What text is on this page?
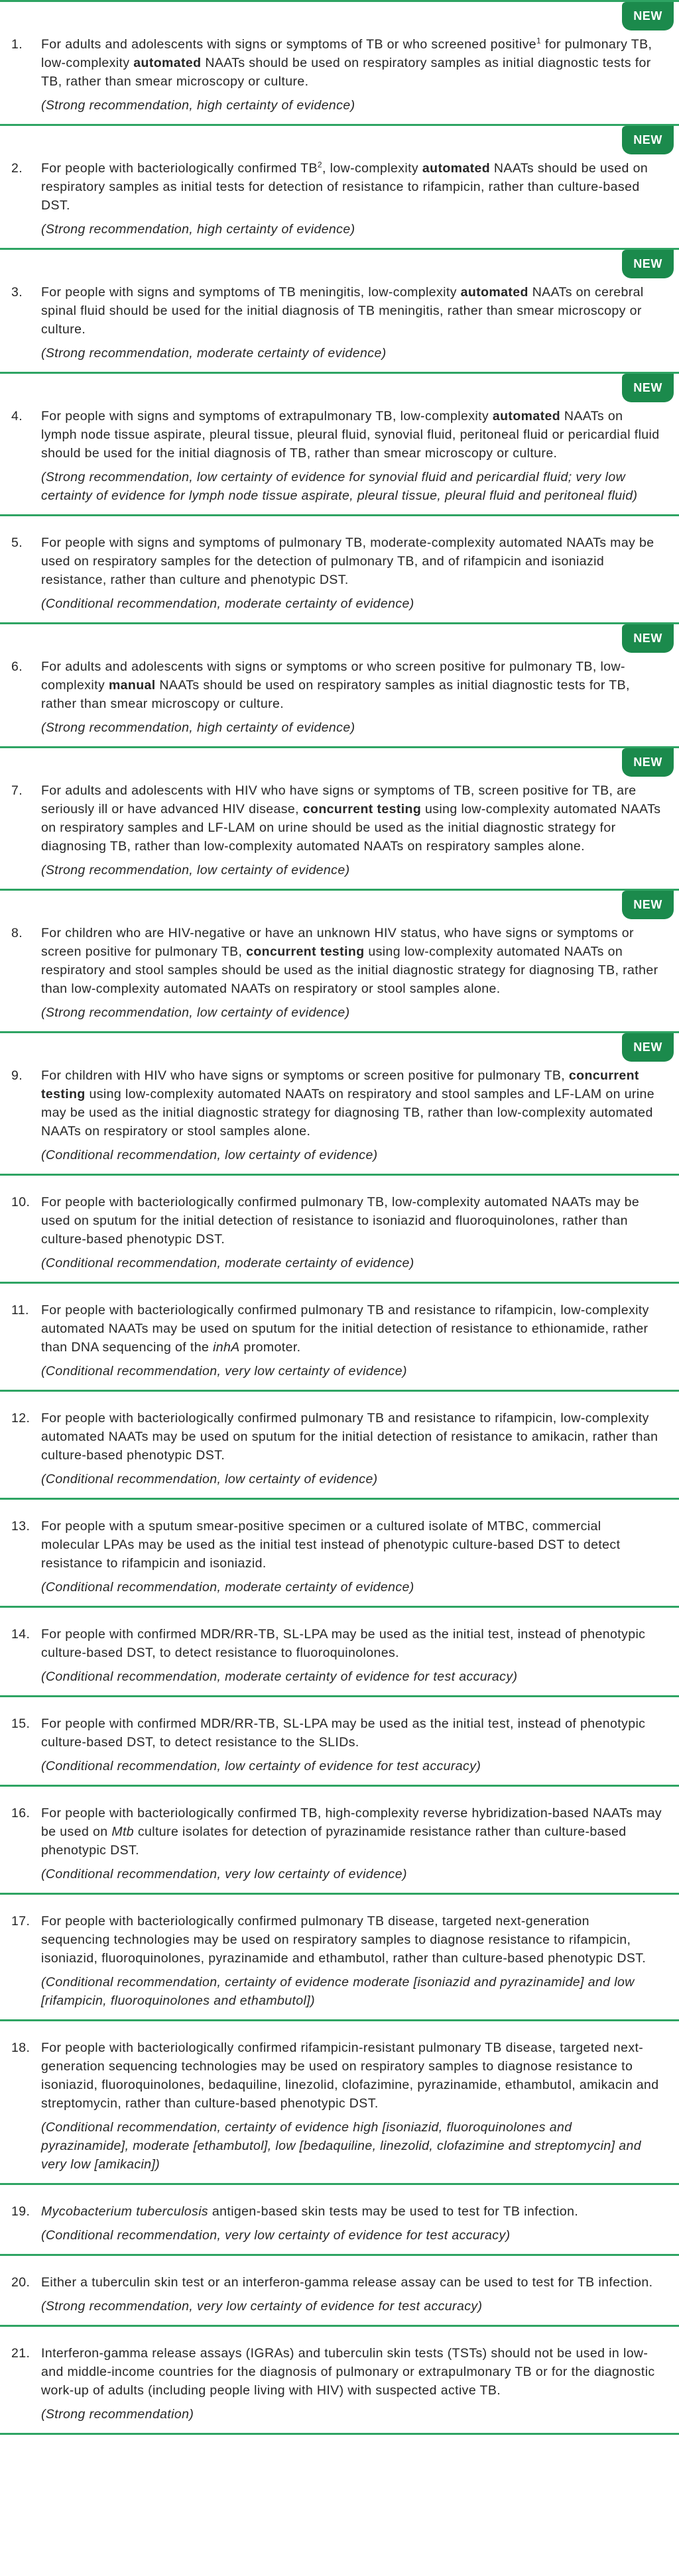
NEW
1.	For adults and adolescents with signs or symptoms of TB or who screened positive$^1$ for pulmonary TB, low-complexity automated NAATs should be used on respiratory samples as initial diagnostic tests for TB, rather than smear microscopy or culture.
(Strong recommendation, high certainty of evidence)
NEW
2.	For people with bacteriologically confirmed TB$^2$, low-complexity automated NAATs should be used on respiratory samples as initial tests for detection of resistance to rifampicin, rather than culture-based DST.
(Strong recommendation, high certainty of evidence)
NEW
3.	For people with signs and symptoms of TB meningitis, low-complexity automated NAATs on cerebral spinal fluid should be used for the initial diagnosis of TB meningitis, rather than smear microscopy or culture.
(Strong recommendation, moderate certainty of evidence)
NEW
4.	For people with signs and symptoms of extrapulmonary TB, low-complexity automated NAATs on lymph node tissue aspirate, pleural tissue, pleural fluid, synovial fluid, peritoneal fluid or pericardial fluid should be used for the initial diagnosis of TB, rather than smear microscopy or culture.
(Strong recommendation, low certainty of evidence for synovial fluid and pericardial fluid; very low certainty of evidence for lymph node tissue aspirate, pleural tissue, pleural fluid and peritoneal fluid)
5.	For people with signs and symptoms of pulmonary TB, moderate-complexity automated NAATs may be used on respiratory samples for the detection of pulmonary TB, and of rifampicin and isoniazid resistance, rather than culture and phenotypic DST.
(Conditional recommendation, moderate certainty of evidence)
NEW
6.	For adults and adolescents with signs or symptoms or who screen positive for pulmonary TB, low-complexity manual NAATs should be used on respiratory samples as initial diagnostic tests for TB, rather than smear microscopy or culture.
(Strong recommendation, high certainty of evidence)
NEW
7.	For adults and adolescents with HIV who have signs or symptoms of TB, screen positive for TB, are seriously ill or have advanced HIV disease, concurrent testing using low-complexity automated NAATs on respiratory samples and LF-LAM on urine should be used as the initial diagnostic strategy for diagnosing TB, rather than low-complexity automated NAATs on respiratory samples alone.
(Strong recommendation, low certainty of evidence)
NEW
8.	For children who are HIV-negative or have an unknown HIV status, who have signs or symptoms or screen positive for pulmonary TB, concurrent testing using low-complexity automated NAATs on respiratory and stool samples should be used as the initial diagnostic strategy for diagnosing TB, rather than low-complexity automated NAATs on respiratory or stool samples alone.
(Strong recommendation, low certainty of evidence)
NEW
9.	For children with HIV who have signs or symptoms or screen positive for pulmonary TB, concurrent testing using low-complexity automated NAATs on respiratory and stool samples and LF-LAM on urine may be used as the initial diagnostic strategy for diagnosing TB, rather than low-complexity automated NAATs on respiratory or stool samples alone.
(Conditional recommendation, low certainty of evidence)
10. For people with bacteriologically confirmed pulmonary TB, low-complexity automated NAATs may be used on sputum for the initial detection of resistance to isoniazid and fluoroquinolones, rather than culture-based phenotypic DST.
(Conditional recommendation, moderate certainty of evidence)
11. For people with bacteriologically confirmed pulmonary TB and resistance to rifampicin, low-complexity automated NAATs may be used on sputum for the initial detection of resistance to ethionamide, rather than DNA sequencing of the inhA promoter.
(Conditional recommendation, very low certainty of evidence)
12. For people with bacteriologically confirmed pulmonary TB and resistance to rifampicin, low-complexity automated NAATs may be used on sputum for the initial detection of resistance to amikacin, rather than culture-based phenotypic DST.
(Conditional recommendation, low certainty of evidence)
13. For people with a sputum smear-positive specimen or a cultured isolate of MTBC, commercial molecular LPAs may be used as the initial test instead of phenotypic culture-based DST to detect resistance to rifampicin and isoniazid.
(Conditional recommendation, moderate certainty of evidence)
14. For people with confirmed MDR/RR-TB, SL-LPA may be used as the initial test, instead of phenotypic culture-based DST, to detect resistance to fluoroquinolones.
(Conditional recommendation, moderate certainty of evidence for test accuracy)
15. For people with confirmed MDR/RR-TB, SL-LPA may be used as the initial test, instead of phenotypic culture-based DST, to detect resistance to the SLIDs.
(Conditional recommendation, low certainty of evidence for test accuracy)
16. For people with bacteriologically confirmed TB, high-complexity reverse hybridization-based NAATs may be used on Mtb culture isolates for detection of pyrazinamide resistance rather than culture-based phenotypic DST.
(Conditional recommendation, very low certainty of evidence)
17. For people with bacteriologically confirmed pulmonary TB disease, targeted next-generation sequencing technologies may be used on respiratory samples to diagnose resistance to rifampicin, isoniazid, fluoroquinolones, pyrazinamide and ethambutol, rather than culture-based phenotypic DST.
(Conditional recommendation, certainty of evidence moderate [isoniazid and pyrazinamide] and low [rifampicin, fluoroquinolones and ethambutol])
18. For people with bacteriologically confirmed rifampicin-resistant pulmonary TB disease, targeted next-generation sequencing technologies may be used on respiratory samples to diagnose resistance to isoniazid, fluoroquinolones, bedaquiline, linezolid, clofazimine, pyrazinamide, ethambutol, amikacin and streptomycin, rather than culture-based phenotypic DST.
(Conditional recommendation, certainty of evidence high [isoniazid, fluoroquinolones and pyrazinamide], moderate [ethambutol], low [bedaquiline, linezolid, clofazimine and streptomycin] and very low [amikacin])
19. Mycobacterium tuberculosis antigen-based skin tests may be used to test for TB infection.
(Conditional recommendation, very low certainty of evidence for test accuracy)
20. Either a tuberculin skin test or an interferon-gamma release assay can be used to test for TB infection.
(Strong recommendation, very low certainty of evidence for test accuracy)
21. Interferon-gamma release assays (IGRAs) and tuberculin skin tests (TSTs) should not be used in low- and middle-income countries for the diagnosis of pulmonary or extrapulmonary TB or for the diagnostic work-up of adults (including people living with HIV) with suspected active TB.
(Strong recommendation)
